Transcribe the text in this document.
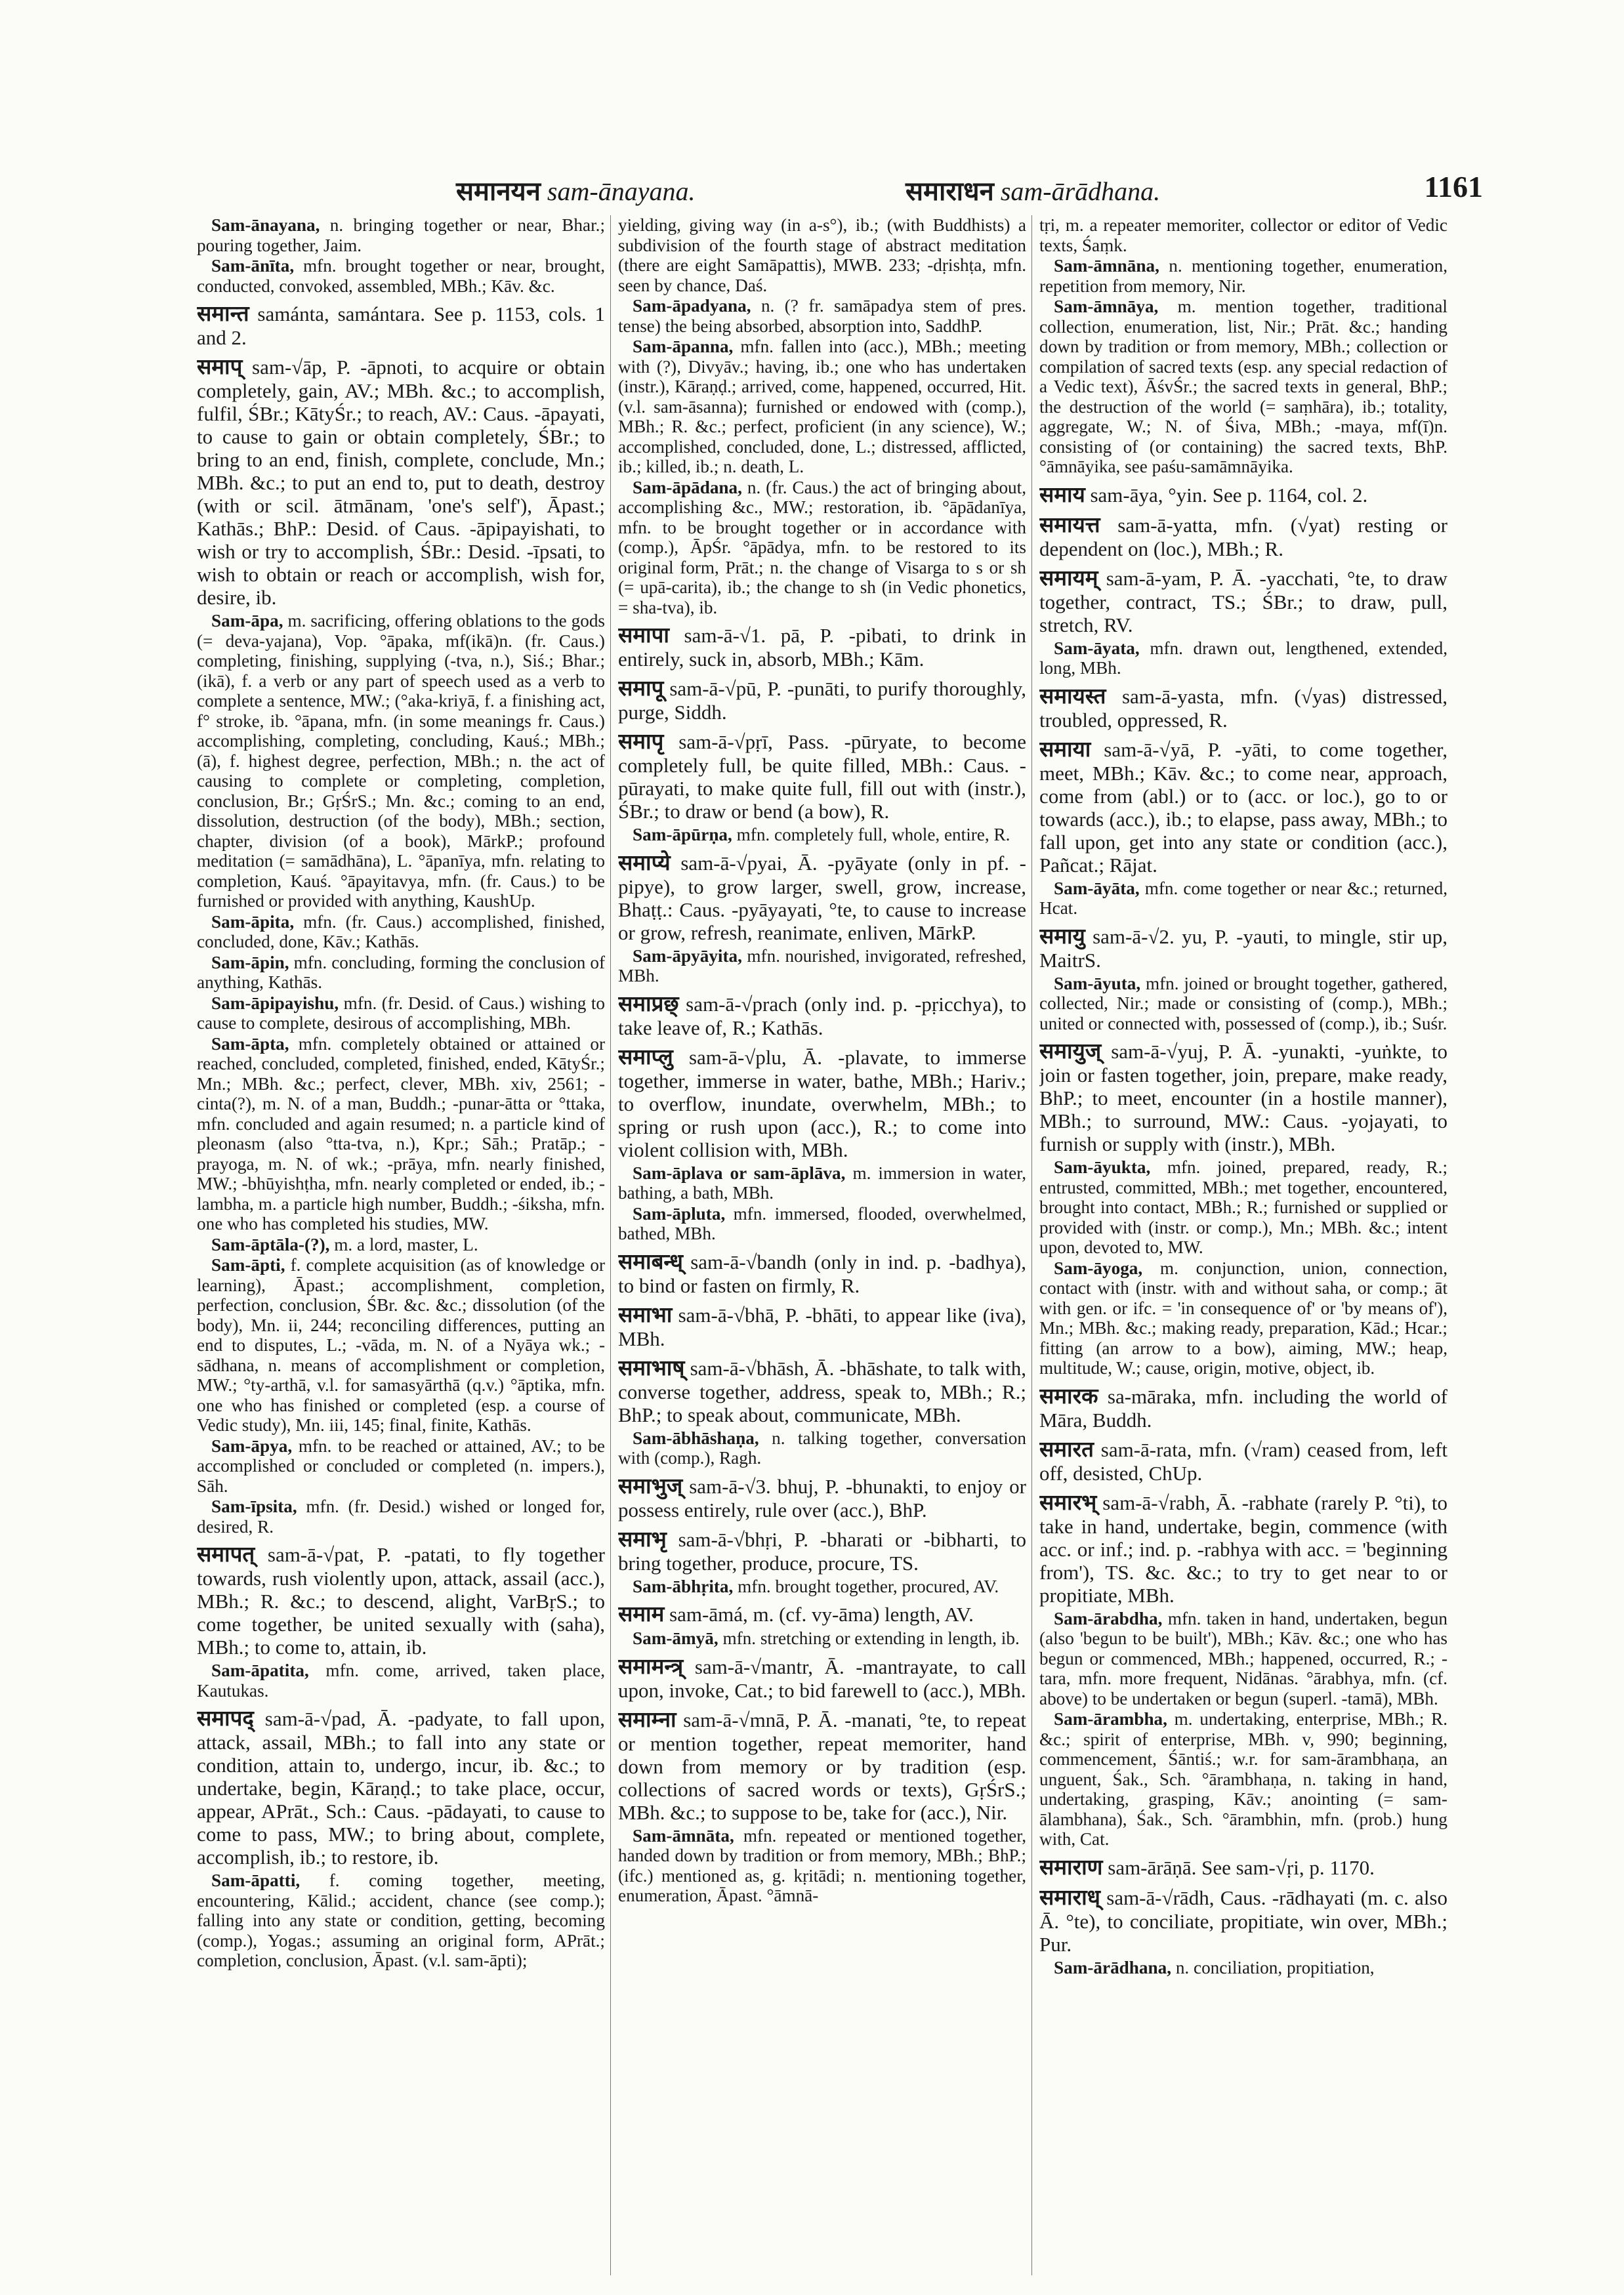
समानयन sam-ānayana.	समाराधन sam-ārādhana.	1161
Sam-ānayana, n. bringing together or near, Bhar.; pouring together, Jaim.
Sam-ānīta, mfn. brought together or near, brought, conducted, convoked, assembled, MBh.; Kāv. &c.
समान्त samánta, samántara. See p. 1153, cols. 1 and 2.
समाप् sam-√āp, P. -āpnoti, to acquire or obtain completely, gain, AV.; MBh. &c.; to accomplish, fulfil, ŚBr.; KātyŚr.; to reach, AV.: Caus. -āpayati, to cause to gain or obtain completely, ŚBr.; to bring to an end, finish, complete, conclude, Mn.; MBh. &c.; to put an end to, put to death, destroy (with or scil. ātmānam, 'one's self'), Āpast.; Kathās.; BhP.: Desid. of Caus. -āpipayishati, to wish or try to accomplish, ŚBr.: Desid. -īpsati, to wish to obtain or reach or accomplish, wish for, desire, ib.
Sam-āpa, m. sacrificing, offering oblations to the gods (= deva-yajana), Vop. °āpaka, mf(ikā)n. (fr. Caus.) completing, finishing, supplying (-tva, n.), Siś.; Bhar.; (ikā), f. a verb or any part of speech used as a verb to complete a sentence, MW.; (°aka-kriyā, f. a finishing act, f° stroke, ib. °āpana, mfn. (in some meanings fr. Caus.) accomplishing, completing, concluding, Kauś.; MBh.; (ā), f. highest degree, perfection, MBh.; n. the act of causing to complete or completing, completion, conclusion, Br.; GṛŚrS.; Mn. &c.; coming to an end, dissolution, destruction (of the body), MBh.; section, chapter, division (of a book), MārkP.; profound meditation (= samādhāna), L. °āpanīya, mfn. relating to completion, Kauś. °āpayitavya, mfn. (fr. Caus.) to be furnished or provided with anything, KaushUp.
Sam-āpita, mfn. (fr. Caus.) accomplished, finished, concluded, done, Kāv.; Kathās.
Sam-āpin, mfn. concluding, forming the conclusion of anything, Kathās.
Sam-āpipayishu, mfn. (fr. Desid. of Caus.) wishing to cause to complete, desirous of accomplishing, MBh.
Sam-āpta, mfn. completely obtained or attained or reached, concluded, completed, finished, ended, KātyŚr.; Mn.; MBh. &c.; perfect, clever, MBh. xiv, 2561; -cinta(?), m. N. of a man, Buddh.; -punar-ātta or °ttaka, mfn. concluded and again resumed; n. a particle kind of pleonasm (also °tta-tva, n.), Kpr.; Sāh.; Pratāp.; -prayoga, m. N. of wk.; -prāya, mfn. nearly finished, MW.; -bhūyishṭha, mfn. nearly completed or ended, ib.; -lambha, m. a particle high number, Buddh.; -śiksha, mfn. one who has completed his studies, MW.
Sam-āptāla-(?), m. a lord, master, L.
Sam-āpti, f. complete acquisition (as of knowledge or learning), Āpast.; accomplishment, completion, perfection, conclusion, ŚBr. &c. &c.; dissolution (of the body), Mn. ii, 244; reconciling differences, putting an end to disputes, L.; -vāda, m. N. of a Nyāya wk.; -sādhana, n. means of accomplishment or completion, MW.; °ty-arthā, v.l. for samasyārthā (q.v.) °āptika, mfn. one who has finished or completed (esp. a course of Vedic study), Mn. iii, 145; final, finite, Kathās.
Sam-āpya, mfn. to be reached or attained, AV.; to be accomplished or concluded or completed (n. impers.), Sāh.
Sam-īpsita, mfn. (fr. Desid.) wished or longed for, desired, R.
समापत् sam-ā-√pat, P. -patati, to fly together towards, rush violently upon, attack, assail (acc.), MBh.; R. &c.; to descend, alight, VarBṛS.; to come together, be united sexually with (saha), MBh.; to come to, attain, ib.
Sam-āpatita, mfn. come, arrived, taken place, Kautukas.
समापद् sam-ā-√pad, Ā. -padyate, to fall upon, attack, assail, MBh.; to fall into any state or condition, attain to, undergo, incur, ib. &c.; to undertake, begin, Kāraṇḍ.; to take place, occur, appear, APrāt., Sch.: Caus. -pādayati, to cause to come to pass, MW.; to bring about, complete, accomplish, ib.; to restore, ib.
Sam-āpatti, f. coming together, meeting, encountering, Kālid.; accident, chance (see comp.); falling into any state or condition, getting, becoming (comp.), Yogas.; assuming an original form, APrāt.; completion, conclusion, Āpast. (v.l. sam-āpti);
yielding, giving way (in a-s°), ib.; (with Buddhists) a subdivision of the fourth stage of abstract meditation (there are eight Samāpattis), MWB. 233; -dṛishṭa, mfn. seen by chance, Daś.
Sam-āpadyana, n. (? fr. samāpadya stem of pres. tense) the being absorbed, absorption into, SaddhP.
Sam-āpanna, mfn. fallen into (acc.), MBh.; meeting with (?), Divyāv.; having, ib.; one who has undertaken (instr.), Kāraṇḍ.; arrived, come, happened, occurred, Hit. (v.l. sam-āsanna); furnished or endowed with (comp.), MBh.; R. &c.; perfect, proficient (in any science), W.; accomplished, concluded, done, L.; distressed, afflicted, ib.; killed, ib.; n. death, L.
Sam-āpādana, n. (fr. Caus.) the act of bringing about, accomplishing &c., MW.; restoration, ib. °āpādanīya, mfn. to be brought together or in accordance with (comp.), ĀpŚr. °āpādya, mfn. to be restored to its original form, Prāt.; n. the change of Visarga to s or sh (= upā-carita), ib.; the change to sh (in Vedic phonetics, = sha-tva), ib.
समापा sam-ā-√1. pā, P. -pibati, to drink in entirely, suck in, absorb, MBh.; Kām.
समापू sam-ā-√pū, P. -punāti, to purify thoroughly, purge, Siddh.
समापृ sam-ā-√pṛī, Pass. -pūryate, to become completely full, be quite filled, MBh.: Caus. -pūrayati, to make quite full, fill out with (instr.), ŚBr.; to draw or bend (a bow), R.
Sam-āpūrṇa, mfn. completely full, whole, entire, R.
समाप्ये sam-ā-√pyai, Ā. -pyāyate (only in pf. -pipye), to grow larger, swell, grow, increase, Bhaṭṭ.: Caus. -pyāyayati, °te, to cause to increase or grow, refresh, reanimate, enliven, MārkP.
Sam-āpyāyita, mfn. nourished, invigorated, refreshed, MBh.
समाप्रछ् sam-ā-√prach (only ind. p. -pṛicchya), to take leave of, R.; Kathās.
समाप्लु sam-ā-√plu, Ā. -plavate, to immerse together, immerse in water, bathe, MBh.; Hariv.; to overflow, inundate, overwhelm, MBh.; to spring or rush upon (acc.), R.; to come into violent collision with, MBh.
Sam-āplava or sam-āplāva, m. immersion in water, bathing, a bath, MBh.
Sam-āpluta, mfn. immersed, flooded, overwhelmed, bathed, MBh.
समाबन्ध् sam-ā-√bandh (only in ind. p. -badhya), to bind or fasten on firmly, R.
समाभा sam-ā-√bhā, P. -bhāti, to appear like (iva), MBh.
समाभाष् sam-ā-√bhāsh, Ā. -bhāshate, to talk with, converse together, address, speak to, MBh.; R.; BhP.; to speak about, communicate, MBh.
Sam-ābhāshaṇa, n. talking together, conversation with (comp.), Ragh.
समाभुज् sam-ā-√3. bhuj, P. -bhunakti, to enjoy or possess entirely, rule over (acc.), BhP.
समाभृ sam-ā-√bhṛi, P. -bharati or -bibharti, to bring together, produce, procure, TS.
Sam-ābhṛita, mfn. brought together, procured, AV.
समाम sam-āmá, m. (cf. vy-āma) length, AV.
Sam-āmyā, mfn. stretching or extending in length, ib.
समामन्त्र् sam-ā-√mantr, Ā. -mantrayate, to call upon, invoke, Cat.; to bid farewell to (acc.), MBh.
समाम्ना sam-ā-√mnā, P. Ā. -manati, °te, to repeat or mention together, repeat memoriter, hand down from memory or by tradition (esp. collections of sacred words or texts), GṛŚrS.; MBh. &c.; to suppose to be, take for (acc.), Nir.
Sam-āmnāta, mfn. repeated or mentioned together, handed down by tradition or from memory, MBh.; BhP.; (ifc.) mentioned as, g. kṛitādi; n. mentioning together, enumeration, Āpast. °āmnā-
tṛi, m. a repeater memoriter, collector or editor of Vedic texts, Śaṃk.
Sam-āmnāna, n. mentioning together, enumeration, repetition from memory, Nir.
Sam-āmnāya, m. mention together, traditional collection, enumeration, list, Nir.; Prāt. &c.; handing down by tradition or from memory, MBh.; collection or compilation of sacred texts (esp. any special redaction of a Vedic text), ĀśvŚr.; the sacred texts in general, BhP.; the destruction of the world (= saṃhāra), ib.; totality, aggregate, W.; N. of Śiva, MBh.; -maya, mf(ī)n. consisting of (or containing) the sacred texts, BhP. °āmnāyika, see paśu-samāmnāyika.
समाय sam-āya, °yin. See p. 1164, col. 2.
समायत्त sam-ā-yatta, mfn. (√yat) resting or dependent on (loc.), MBh.; R.
समायम् sam-ā-yam, P. Ā. -yacchati, °te, to draw together, contract, TS.; ŚBr.; to draw, pull, stretch, RV.
Sam-āyata, mfn. drawn out, lengthened, extended, long, MBh.
समायस्त sam-ā-yasta, mfn. (√yas) distressed, troubled, oppressed, R.
समाया sam-ā-√yā, P. -yāti, to come together, meet, MBh.; Kāv. &c.; to come near, approach, come from (abl.) or to (acc. or loc.), go to or towards (acc.), ib.; to elapse, pass away, MBh.; to fall upon, get into any state or condition (acc.), Pañcat.; Rājat.
Sam-āyāta, mfn. come together or near &c.; returned, Hcat.
समायु sam-ā-√2. yu, P. -yauti, to mingle, stir up, MaitrS.
Sam-āyuta, mfn. joined or brought together, gathered, collected, Nir.; made or consisting of (comp.), MBh.; united or connected with, possessed of (comp.), ib.; Suśr.
समायुज् sam-ā-√yuj, P. Ā. -yunakti, -yuṅkte, to join or fasten together, join, prepare, make ready, BhP.; to meet, encounter (in a hostile manner), MBh.; to surround, MW.: Caus. -yojayati, to furnish or supply with (instr.), MBh.
Sam-āyukta, mfn. joined, prepared, ready, R.; entrusted, committed, MBh.; met together, encountered, brought into contact, MBh.; R.; furnished or supplied or provided with (instr. or comp.), Mn.; MBh. &c.; intent upon, devoted to, MW.
Sam-āyoga, m. conjunction, union, connection, contact with (instr. with and without saha, or comp.; āt with gen. or ifc. = 'in consequence of' or 'by means of'), Mn.; MBh. &c.; making ready, preparation, Kād.; Hcar.; fitting (an arrow to a bow), aiming, MW.; heap, multitude, W.; cause, origin, motive, object, ib.
समारक sa-māraka, mfn. including the world of Māra, Buddh.
समारत sam-ā-rata, mfn. (√ram) ceased from, left off, desisted, ChUp.
समारभ् sam-ā-√rabh, Ā. -rabhate (rarely P. °ti), to take in hand, undertake, begin, commence (with acc. or inf.; ind. p. -rabhya with acc. = 'beginning from'), TS. &c. &c.; to try to get near to or propitiate, MBh.
Sam-ārabdha, mfn. taken in hand, undertaken, begun (also 'begun to be built'), MBh.; Kāv. &c.; one who has begun or commenced, MBh.; happened, occurred, R.; -tara, mfn. more frequent, Nidānas. °ārabhya, mfn. (cf. above) to be undertaken or begun (superl. -tamā), MBh.
Sam-ārambha, m. undertaking, enterprise, MBh.; R. &c.; spirit of enterprise, MBh. v, 990; beginning, commencement, Śāntiś.; w.r. for sam-ārambhaṇa, an unguent, Śak., Sch. °ārambhaṇa, n. taking in hand, undertaking, grasping, Kāv.; anointing (= sam-ālambhana), Śak., Sch. °ārambhin, mfn. (prob.) hung with, Cat.
समाराण sam-ārāṇā. See sam-√ṛi, p. 1170.
समाराध् sam-ā-√rādh, Caus. -rādhayati (m. c. also Ā. °te), to conciliate, propitiate, win over, MBh.; Pur.
Sam-ārādhana, n. conciliation, propitiation,
